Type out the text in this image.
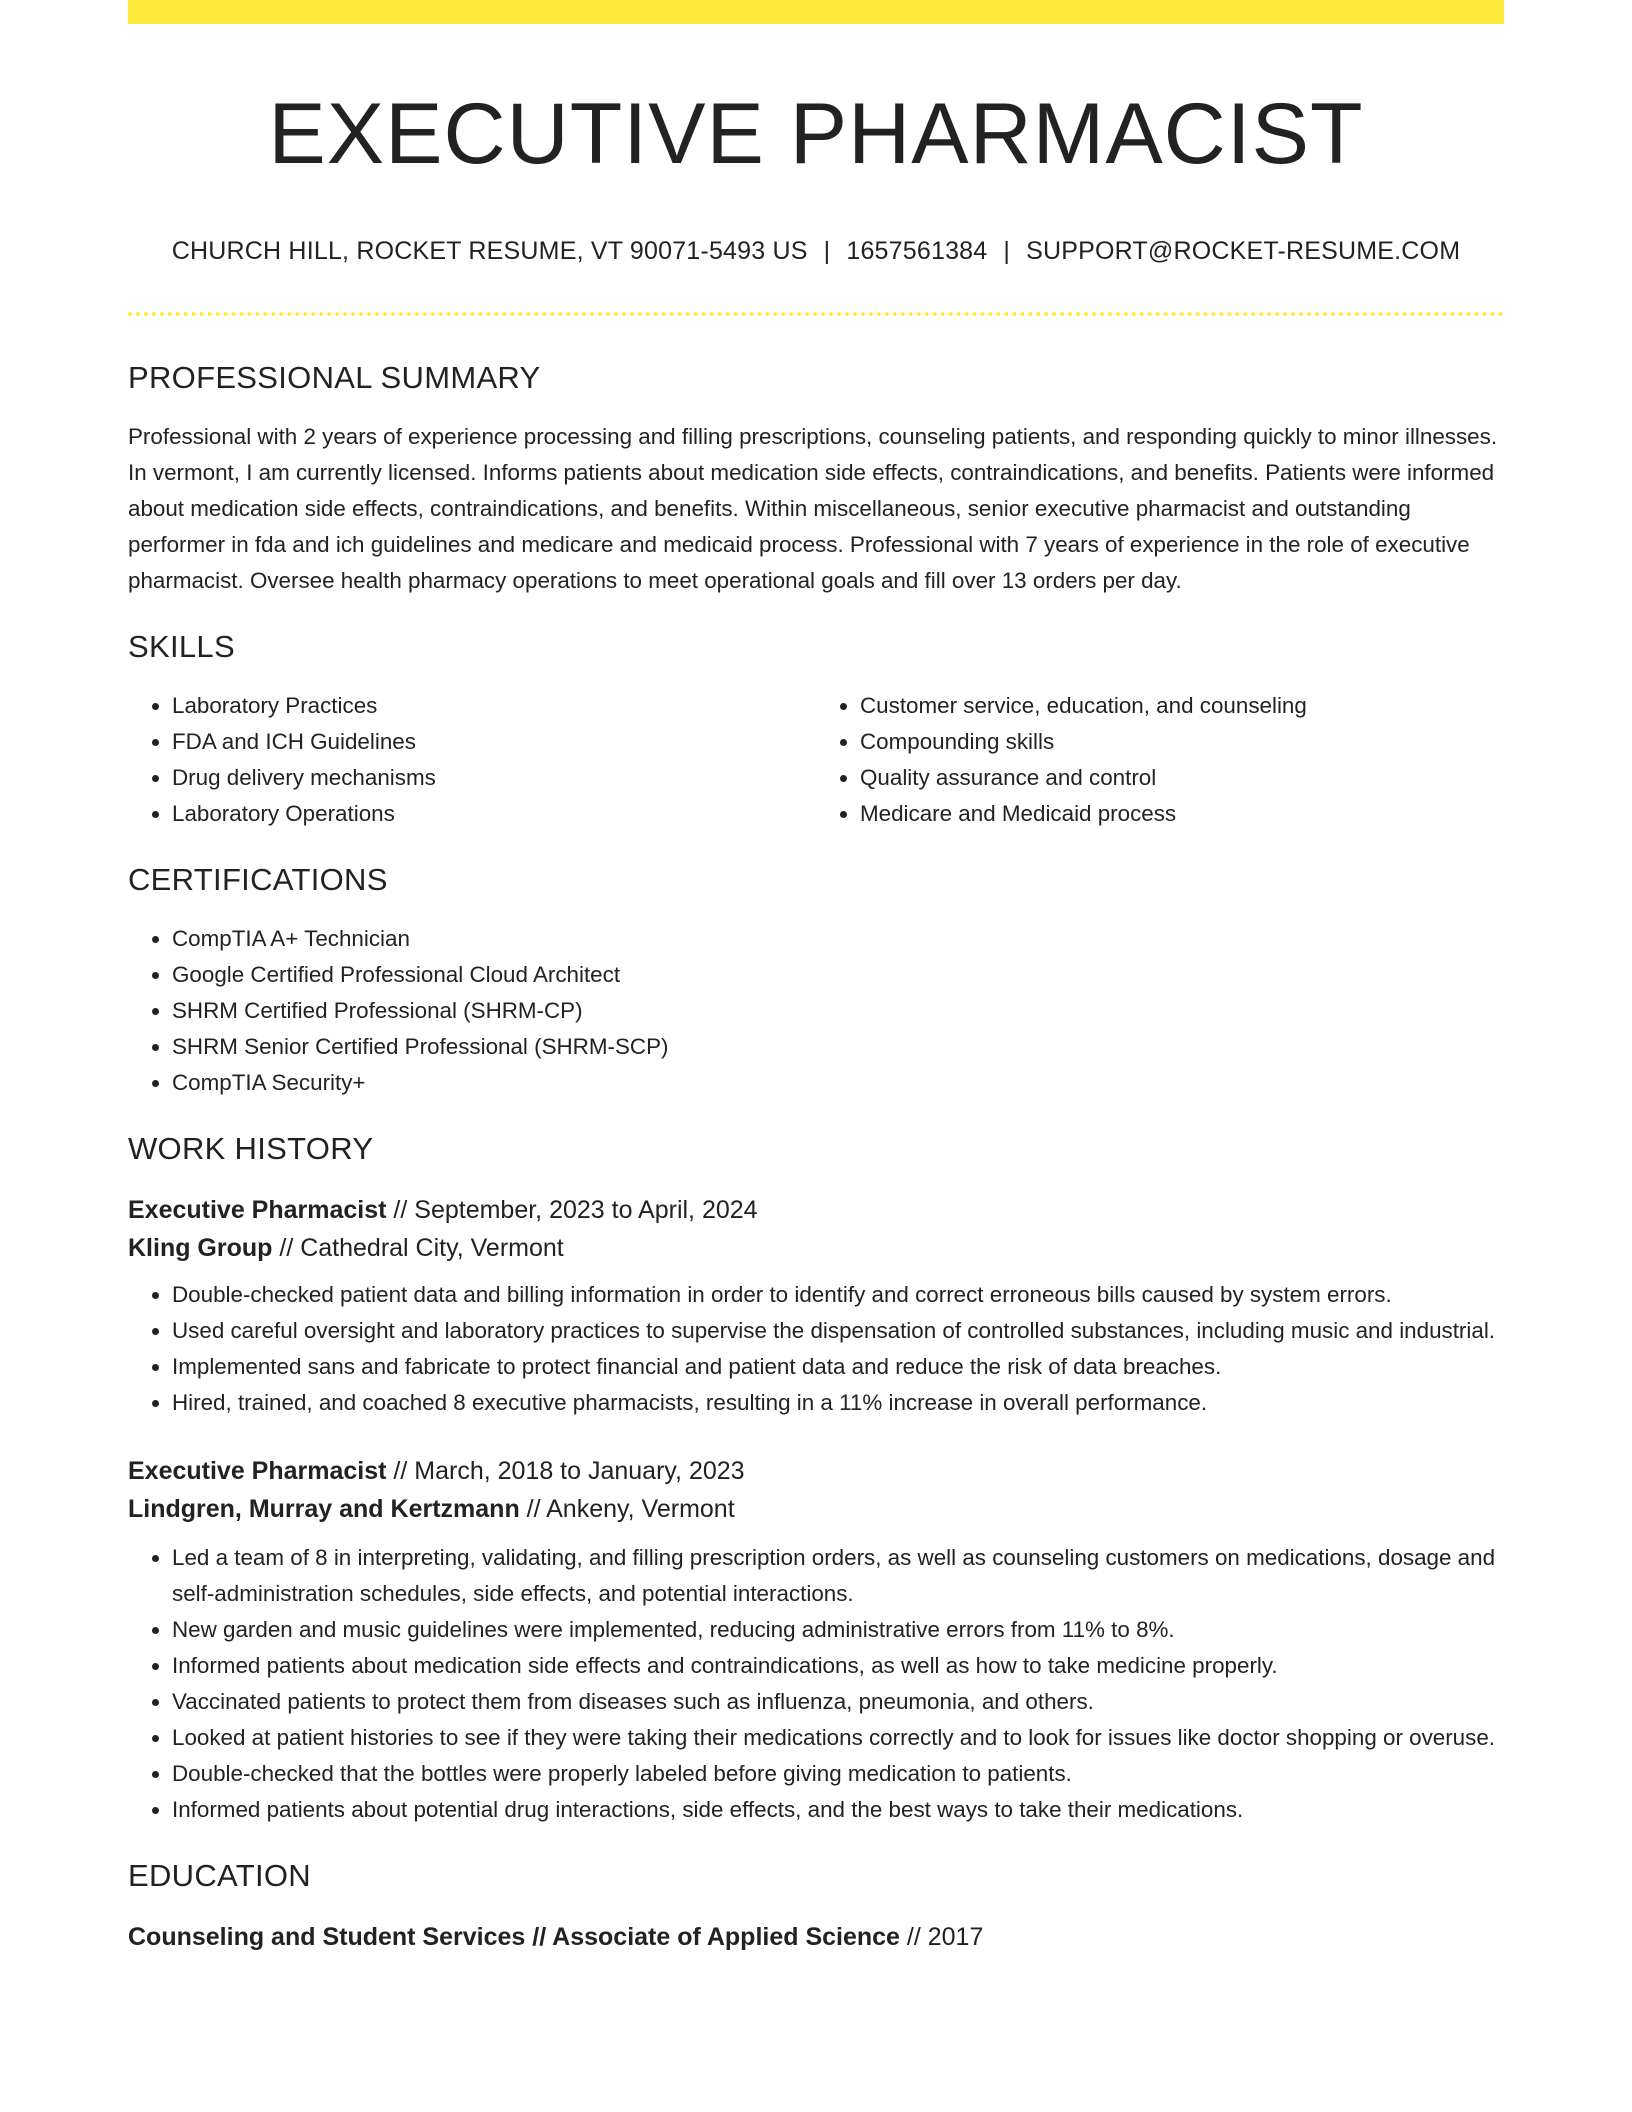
EXECUTIVE PHARMACIST
CHURCH HILL, ROCKET RESUME, VT 90071-5493 US | 1657561384 | SUPPORT@ROCKET-RESUME.COM
PROFESSIONAL SUMMARY

Professional with 2 years of experience processing and filling prescriptions, counseling patients, and responding quickly to minor illnesses. In vermont, I am currently licensed. Informs patients about medication side effects, contraindications, and benefits. Patients were informed about medication side effects, contraindications, and benefits. Within miscellaneous, senior executive pharmacist and outstanding performer in fda and ich guidelines and medicare and medicaid process. Professional with 7 years of experience in the role of executive pharmacist. Oversee health pharmacy operations to meet operational goals and fill over 13 orders per day.

SKILLS
• Laboratory Practices
• FDA and ICH Guidelines
• Drug delivery mechanisms
• Laboratory Operations
• Customer service, education, and counseling
• Compounding skills
• Quality assurance and control
• Medicare and Medicaid process
CERTIFICATIONS
• CompTIA A+ Technician
• Google Certified Professional Cloud Architect
• SHRM Certified Professional (SHRM-CP)
• SHRM Senior Certified Professional (SHRM-SCP)
• CompTIA Security+
WORK HISTORY
Executive Pharmacist // September, 2023 to April, 2024
Kling Group // Cathedral City, Vermont
• Double-checked patient data and billing information in order to identify and correct erroneous bills caused by system errors.
• Used careful oversight and laboratory practices to supervise the dispensation of controlled substances, including music and industrial.
• Implemented sans and fabricate to protect financial and patient data and reduce the risk of data breaches.
• Hired, trained, and coached 8 executive pharmacists, resulting in a 11% increase in overall performance.
Executive Pharmacist // March, 2018 to January, 2023
Lindgren, Murray and Kertzmann // Ankeny, Vermont
• Led a team of 8 in interpreting, validating, and filling prescription orders, as well as counseling customers on medications, dosage and self-administration schedules, side effects, and potential interactions.
• New garden and music guidelines were implemented, reducing administrative errors from 11% to 8%.
• Informed patients about medication side effects and contraindications, as well as how to take medicine properly.
• Vaccinated patients to protect them from diseases such as influenza, pneumonia, and others.
• Looked at patient histories to see if they were taking their medications correctly and to look for issues like doctor shopping or overuse.
• Double-checked that the bottles were properly labeled before giving medication to patients.
• Informed patients about potential drug interactions, side effects, and the best ways to take their medications.
EDUCATION
Counseling and Student Services // Associate of Applied Science // 2017
